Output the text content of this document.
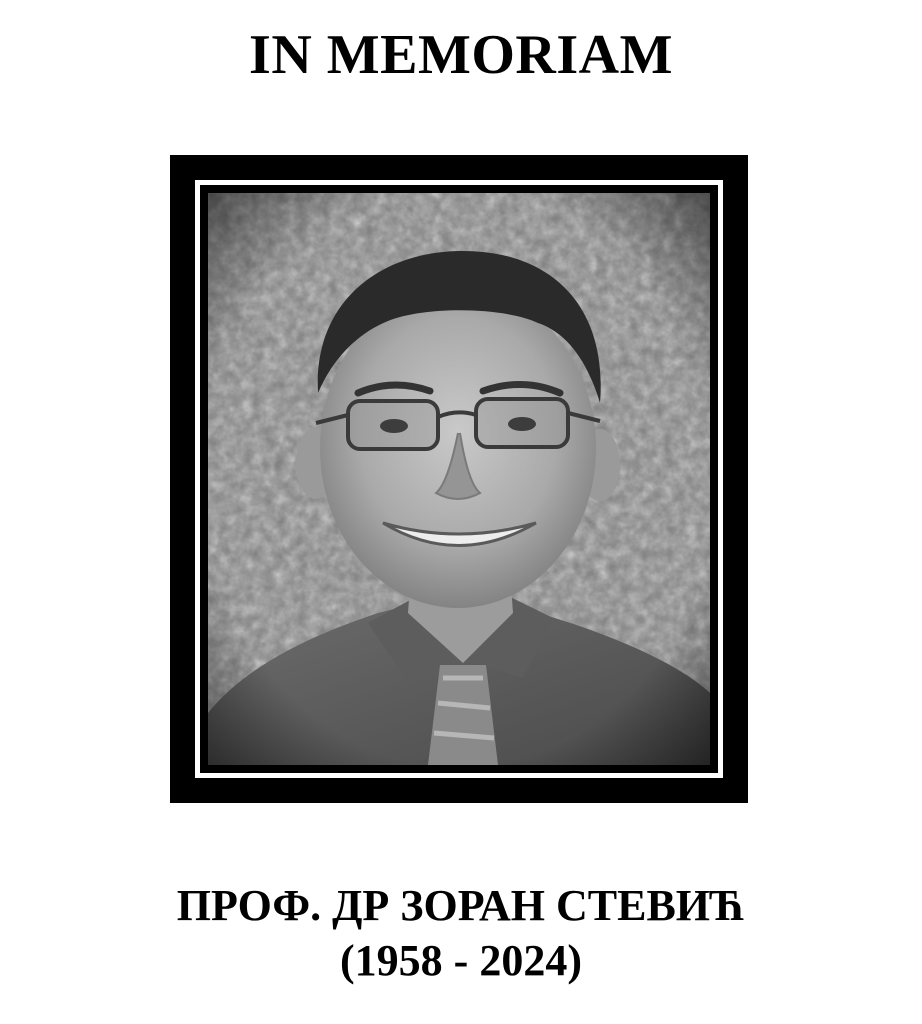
IN MEMORIAM
ПРОФ. ДР ЗОРАН СТЕВИЋ
(1958 - 2024)
